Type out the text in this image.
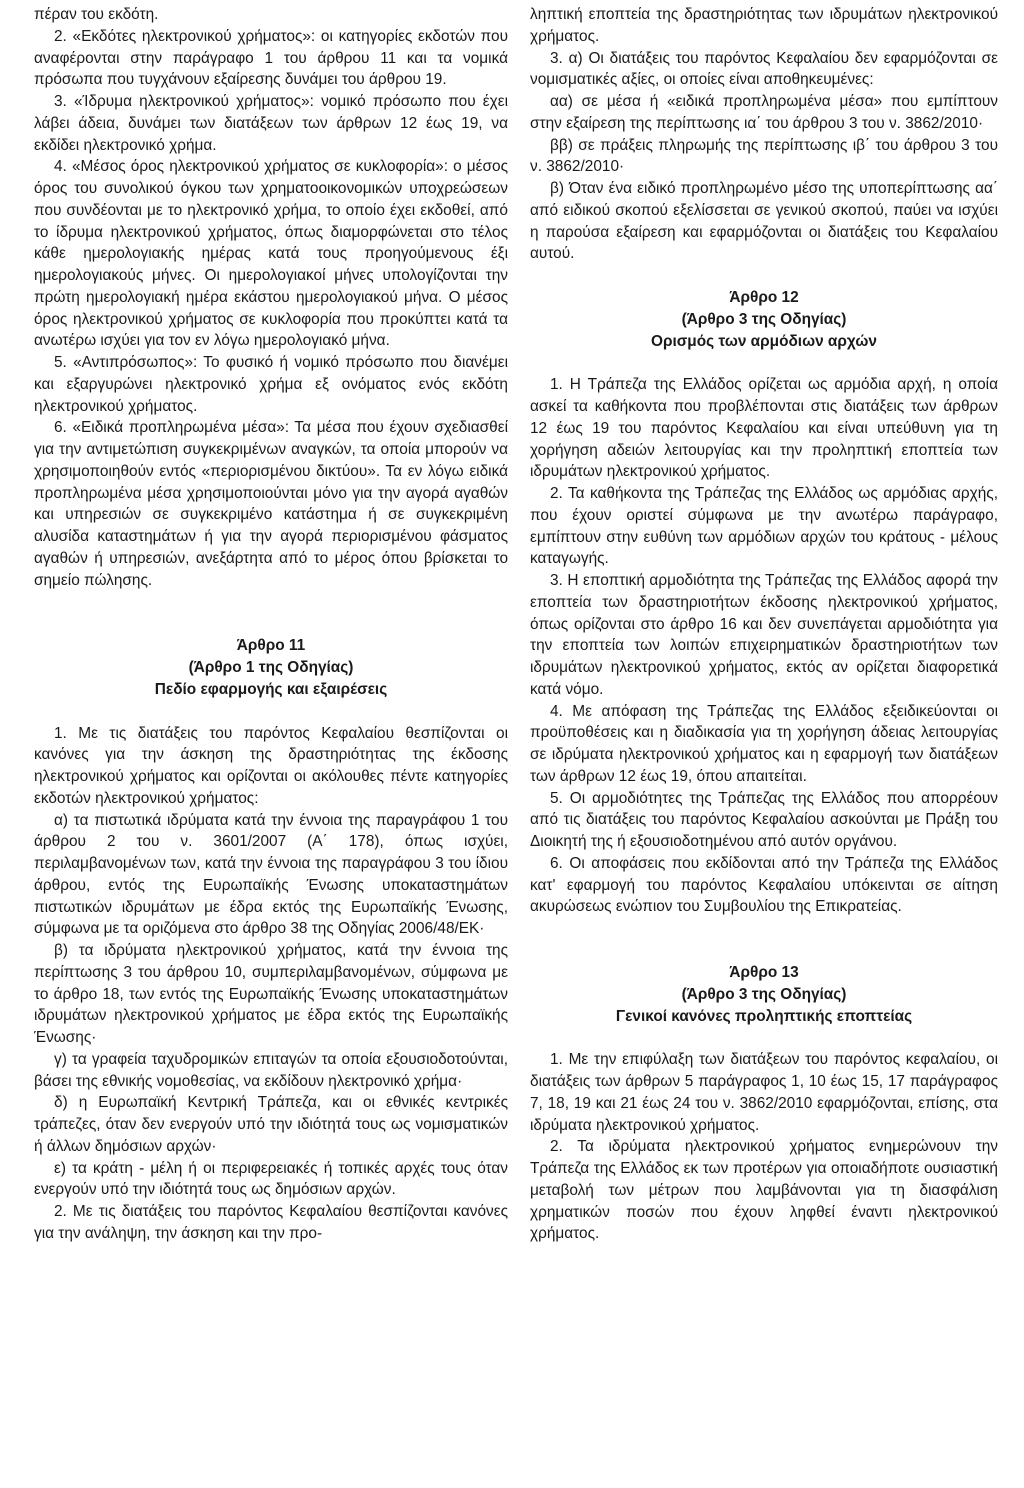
πέραν του εκδότη.

2. «Εκδότες ηλεκτρονικού χρήματος»: οι κατηγορίες εκδοτών που αναφέρονται στην παράγραφο 1 του άρθρου 11 και τα νομικά πρόσωπα που τυγχάνουν εξαίρεσης δυνάμει του άρθρου 19.

3. «Ίδρυμα ηλεκτρονικού χρήματος»: νομικό πρόσωπο που έχει λάβει άδεια, δυνάμει των διατάξεων των άρθρων 12 έως 19, να εκδίδει ηλεκτρονικό χρήμα.

4. «Μέσος όρος ηλεκτρονικού χρήματος σε κυκλοφορία»: ο μέσος όρος του συνολικού όγκου των χρηματοοικονομικών υποχρεώσεων που συνδέονται με το ηλεκτρονικό χρήμα, το οποίο έχει εκδοθεί, από το ίδρυμα ηλεκτρονικού χρήματος, όπως διαμορφώνεται στο τέλος κάθε ημερολογιακής ημέρας κατά τους προηγούμενους έξι ημερολογιακούς μήνες. Οι ημερολογιακοί μήνες υπολογίζονται την πρώτη ημερολογιακή ημέρα εκάστου ημερολογιακού μήνα. Ο μέσος όρος ηλεκτρονικού χρήματος σε κυκλοφορία που προκύπτει κατά τα ανωτέρω ισχύει για τον εν λόγω ημερολογιακό μήνα.

5. «Αντιπρόσωπος»: Το φυσικό ή νομικό πρόσωπο που διανέμει και εξαργυρώνει ηλεκτρονικό χρήμα εξ ονόματος ενός εκδότη ηλεκτρονικού χρήματος.

6. «Ειδικά προπληρωμένα μέσα»: Τα μέσα που έχουν σχεδιασθεί για την αντιμετώπιση συγκεκριμένων αναγκών, τα οποία μπορούν να χρησιμοποιηθούν εντός «περιορισμένου δικτύου». Τα εν λόγω ειδικά προπληρωμένα μέσα χρησιμοποιούνται μόνο για την αγορά αγαθών και υπηρεσιών σε συγκεκριμένο κατάστημα ή σε συγκεκριμένη αλυσίδα καταστημάτων ή για την αγορά περιορισμένου φάσματος αγαθών ή υπηρεσιών, ανεξάρτητα από το μέρος όπου βρίσκεται το σημείο πώλησης.

Άρθρο 11

(Άρθρο 1 της Οδηγίας)

Πεδίο εφαρμογής και εξαιρέσεις

1. Με τις διατάξεις του παρόντος Κεφαλαίου θεσπίζονται οι κανόνες για την άσκηση της δραστηριότητας της έκδοσης ηλεκτρονικού χρήματος και ορίζονται οι ακόλουθες πέντε κατηγορίες εκδοτών ηλεκτρονικού χρήματος:

α) τα πιστωτικά ιδρύματα κατά την έννοια της παραγράφου 1 του άρθρου 2 του ν. 3601/2007 (Α΄ 178), όπως ισχύει, περιλαμβανομένων των, κατά την έννοια της παραγράφου 3 του ίδιου άρθρου, εντός της Ευρωπαϊκής Ένωσης υποκαταστημάτων πιστωτικών ιδρυμάτων με έδρα εκτός της Ευρωπαϊκής Ένωσης, σύμφωνα με τα οριζόμενα στο άρθρο 38 της Οδηγίας 2006/48/ΕΚ·

β) τα ιδρύματα ηλεκτρονικού χρήματος, κατά την έννοια της περίπτωσης 3 του άρθρου 10, συμπεριλαμβανομένων, σύμφωνα με το άρθρο 18, των εντός της Ευρωπαϊκής Ένωσης υποκαταστημάτων ιδρυμάτων ηλεκτρονικού χρήματος με έδρα εκτός της Ευρωπαϊκής Ένωσης·

γ) τα γραφεία ταχυδρομικών επιταγών τα οποία εξουσιοδοτούνται, βάσει της εθνικής νομοθεσίας, να εκδίδουν ηλεκτρονικό χρήμα·

δ) η Ευρωπαϊκή Κεντρική Τράπεζα, και οι εθνικές κεντρικές τράπεζες, όταν δεν ενεργούν υπό την ιδιότητά τους ως νομισματικών ή άλλων δημόσιων αρχών·

ε) τα κράτη - μέλη ή οι περιφερειακές ή τοπικές αρχές τους όταν ενεργούν υπό την ιδιότητά τους ως δημόσιων αρχών.

2. Με τις διατάξεις του παρόντος Κεφαλαίου θεσπίζονται κανόνες για την ανάληψη, την άσκηση και την προ-

ληπτική εποπτεία της δραστηριότητας των ιδρυμάτων ηλεκτρονικού χρήματος.

3. α) Οι διατάξεις του παρόντος Κεφαλαίου δεν εφαρμόζονται σε νομισματικές αξίες, οι οποίες είναι αποθηκευμένες:

αα) σε μέσα ή «ειδικά προπληρωμένα μέσα» που εμπίπτουν στην εξαίρεση της περίπτωσης ια΄ του άρθρου 3 του ν. 3862/2010·

ββ) σε πράξεις πληρωμής της περίπτωσης ιβ΄ του άρθρου 3 του ν. 3862/2010·

β) Όταν ένα ειδικό προπληρωμένο μέσο της υποπερίπτωσης αα΄ από ειδικού σκοπού εξελίσσεται σε γενικού σκοπού, παύει να ισχύει η παρούσα εξαίρεση και εφαρμόζονται οι διατάξεις του Κεφαλαίου αυτού.

Άρθρο 12

(Άρθρο 3 της Οδηγίας)

Ορισμός των αρμόδιων αρχών

1. Η Τράπεζα της Ελλάδος ορίζεται ως αρμόδια αρχή, η οποία ασκεί τα καθήκοντα που προβλέπονται στις διατάξεις των άρθρων 12 έως 19 του παρόντος Κεφαλαίου και είναι υπεύθυνη για τη χορήγηση αδειών λειτουργίας και την προληπτική εποπτεία των ιδρυμάτων ηλεκτρονικού χρήματος.

2. Τα καθήκοντα της Τράπεζας της Ελλάδος ως αρμόδιας αρχής, που έχουν οριστεί σύμφωνα με την ανωτέρω παράγραφο, εμπίπτουν στην ευθύνη των αρμόδιων αρχών του κράτους - μέλους καταγωγής.

3. Η εποπτική αρμοδιότητα της Τράπεζας της Ελλάδος αφορά την εποπτεία των δραστηριοτήτων έκδοσης ηλεκτρονικού χρήματος, όπως ορίζονται στο άρθρο 16 και δεν συνεπάγεται αρμοδιότητα για την εποπτεία των λοιπών επιχειρηματικών δραστηριοτήτων των ιδρυμάτων ηλεκτρονικού χρήματος, εκτός αν ορίζεται διαφορετικά κατά νόμο.

4. Με απόφαση της Τράπεζας της Ελλάδος εξειδικεύονται οι προϋποθέσεις και η διαδικασία για τη χορήγηση άδειας λειτουργίας σε ιδρύματα ηλεκτρονικού χρήματος και η εφαρμογή των διατάξεων των άρθρων 12 έως 19, όπου απαιτείται.

5. Οι αρμοδιότητες της Τράπεζας της Ελλάδος που απορρέουν από τις διατάξεις του παρόντος Κεφαλαίου ασκούνται με Πράξη του Διοικητή της ή εξουσιοδοτημένου από αυτόν οργάνου.

6. Οι αποφάσεις που εκδίδονται από την Τράπεζα της Ελλάδος κατ' εφαρμογή του παρόντος Κεφαλαίου υπόκεινται σε αίτηση ακυρώσεως ενώπιον του Συμβουλίου της Επικρατείας.

Άρθρο 13

(Άρθρο 3 της Οδηγίας)

Γενικοί κανόνες προληπτικής εποπτείας

1. Με την επιφύλαξη των διατάξεων του παρόντος κεφαλαίου, οι διατάξεις των άρθρων 5 παράγραφος 1, 10 έως 15, 17 παράγραφος 7, 18, 19 και 21 έως 24 του ν. 3862/2010 εφαρμόζονται, επίσης, στα ιδρύματα ηλεκτρονικού χρήματος.

2. Τα ιδρύματα ηλεκτρονικού χρήματος ενημερώνουν την Τράπεζα της Ελλάδος εκ των προτέρων για οποιαδήποτε ουσιαστική μεταβολή των μέτρων που λαμβάνονται για τη διασφάλιση χρηματικών ποσών που έχουν ληφθεί έναντι ηλεκτρονικού χρήματος.
